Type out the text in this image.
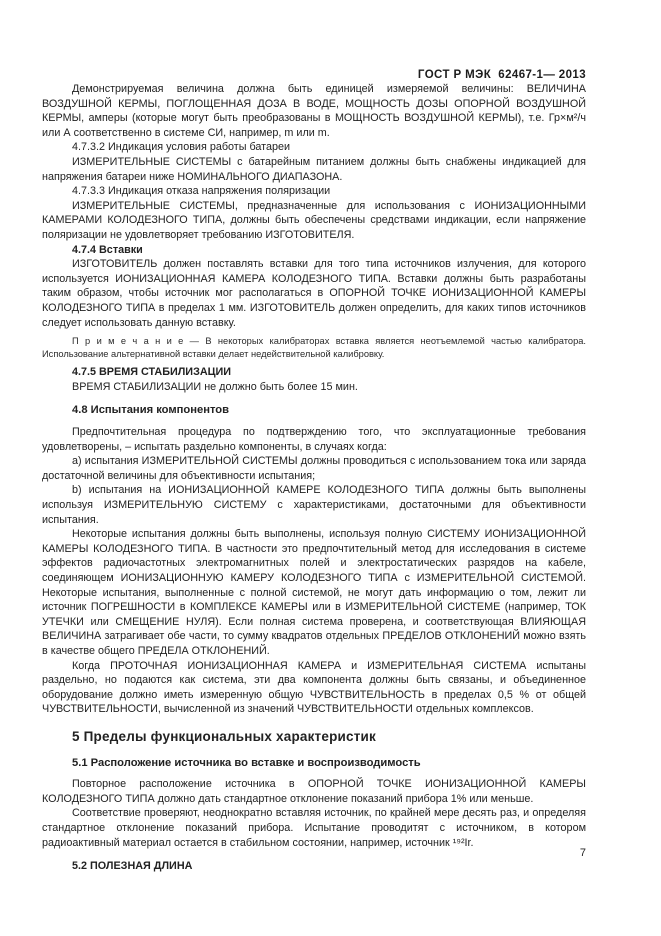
ГОСТ Р МЭК  62467-1— 2013

Демонстрируемая величина должна быть единицей измеряемой величины: ВЕЛИЧИНА ВОЗДУШНОЙ КЕРМЫ, ПОГЛОЩЕННАЯ ДОЗА В ВОДЕ, МОЩНОСТЬ ДОЗЫ ОПОРНОЙ ВОЗДУШНОЙ КЕРМЫ, амперы (которые могут быть преобразованы в МОЩНОСТЬ ВОЗДУШНОЙ КЕРМЫ), т.е. Гр×м²/ч или А соответственно в системе СИ, например, m или m.

4.7.3.2 Индикация условия работы батареи

ИЗМЕРИТЕЛЬНЫЕ СИСТЕМЫ с батарейным питанием должны быть снабжены индикацией для напряжения батареи ниже НОМИНАЛЬНОГО ДИАПАЗОНА.

4.7.3.3 Индикация отказа напряжения поляризации

ИЗМЕРИТЕЛЬНЫЕ СИСТЕМЫ, предназначенные для использования с ИОНИЗАЦИОННЫМИ КАМЕРАМИ КОЛОДЕЗНОГО ТИПА, должны быть обеспечены средствами индикации, если напряжение поляризации не удовлетворяет требованию ИЗГОТОВИТЕЛЯ.

4.7.4 Вставки

ИЗГОТОВИТЕЛЬ должен поставлять вставки для того типа источников излучения, для которого используется ИОНИЗАЦИОННАЯ КАМЕРА КОЛОДЕЗНОГО ТИПА. Вставки должны быть разработаны таким образом, чтобы источник мог располагаться в ОПОРНОЙ ТОЧКЕ ИОНИЗАЦИОННОЙ КАМЕРЫ КОЛОДЕЗНОГО ТИПА в пределах 1 мм. ИЗГОТОВИТЕЛЬ должен определить, для каких типов источников следует использовать данную вставку.

П р и м е ч а н и е — В некоторых калибраторах вставка является неотъемлемой частью калибратора. Использование альтернативной вставки делает недействительной калибровку.

4.7.5 ВРЕМЯ СТАБИЛИЗАЦИИ

ВРЕМЯ СТАБИЛИЗАЦИИ не должно быть более 15 мин.

4.8 Испытания компонентов

Предпочтительная процедура по подтверждению того, что эксплуатационные требования удовлетворены, – испытать раздельно компоненты, в случаях когда:

a) испытания ИЗМЕРИТЕЛЬНОЙ СИСТЕМЫ должны проводиться с использованием тока или заряда достаточной величины для объективности испытания;

b) испытания на ИОНИЗАЦИОННОЙ КАМЕРЕ КОЛОДЕЗНОГО ТИПА должны быть выполнены используя ИЗМЕРИТЕЛЬНУЮ СИСТЕМУ с характеристиками, достаточными для объективности испытания.

Некоторые испытания должны быть выполнены, используя полную СИСТЕМУ ИОНИЗАЦИОННОЙ КАМЕРЫ КОЛОДЕЗНОГО ТИПА. В частности это предпочтительный метод для исследования в системе эффектов радиочастотных электромагнитных полей и электростатических разрядов на кабеле, соединяющем ИОНИЗАЦИОННУЮ КАМЕРУ КОЛОДЕЗНОГО ТИПА с ИЗМЕРИТЕЛЬНОЙ СИСТЕМОЙ. Некоторые испытания, выполненные с полной системой, не могут дать информацию о том, лежит ли источник ПОГРЕШНОСТИ в КОМПЛЕКСЕ КАМЕРЫ или в ИЗМЕРИТЕЛЬНОЙ СИСТЕМЕ (например, ТОК УТЕЧКИ или СМЕЩЕНИЕ НУЛЯ). Если полная система проверена, и соответствующая ВЛИЯЮЩАЯ ВЕЛИЧИНА затрагивает обе части, то сумму квадратов отдельных ПРЕДЕЛОВ ОТКЛОНЕНИЙ можно взять в качестве общего ПРЕДЕЛА ОТКЛОНЕНИЙ.

Когда ПРОТОЧНАЯ ИОНИЗАЦИОННАЯ КАМЕРА и ИЗМЕРИТЕЛЬНАЯ СИСТЕМА испытаны раздельно, но подаются как система, эти два компонента должны быть связаны, и объединенное оборудование должно иметь измеренную общую ЧУВСТВИТЕЛЬНОСТЬ в пределах 0,5 % от общей ЧУВСТВИТЕЛЬНОСТИ, вычисленной из значений ЧУВСТВИТЕЛЬНОСТИ отдельных комплексов.

5 Пределы функциональных характеристик

5.1 Расположение источника во вставке и воспроизводимость

Повторное расположение источника в ОПОРНОЙ ТОЧКЕ ИОНИЗАЦИОННОЙ КАМЕРЫ КОЛОДЕЗНОГО ТИПА должно дать стандартное отклонение показаний прибора 1% или меньше.

Соответствие проверяют, неоднократно вставляя источник, по крайней мере десять раз, и определяя стандартное отклонение показаний прибора. Испытание проводитят с источником, в котором радиоактивный материал остается в стабильном состоянии, например, источник ¹⁹²Ir.

5.2 ПОЛЕЗНАЯ ДЛИНА

7
